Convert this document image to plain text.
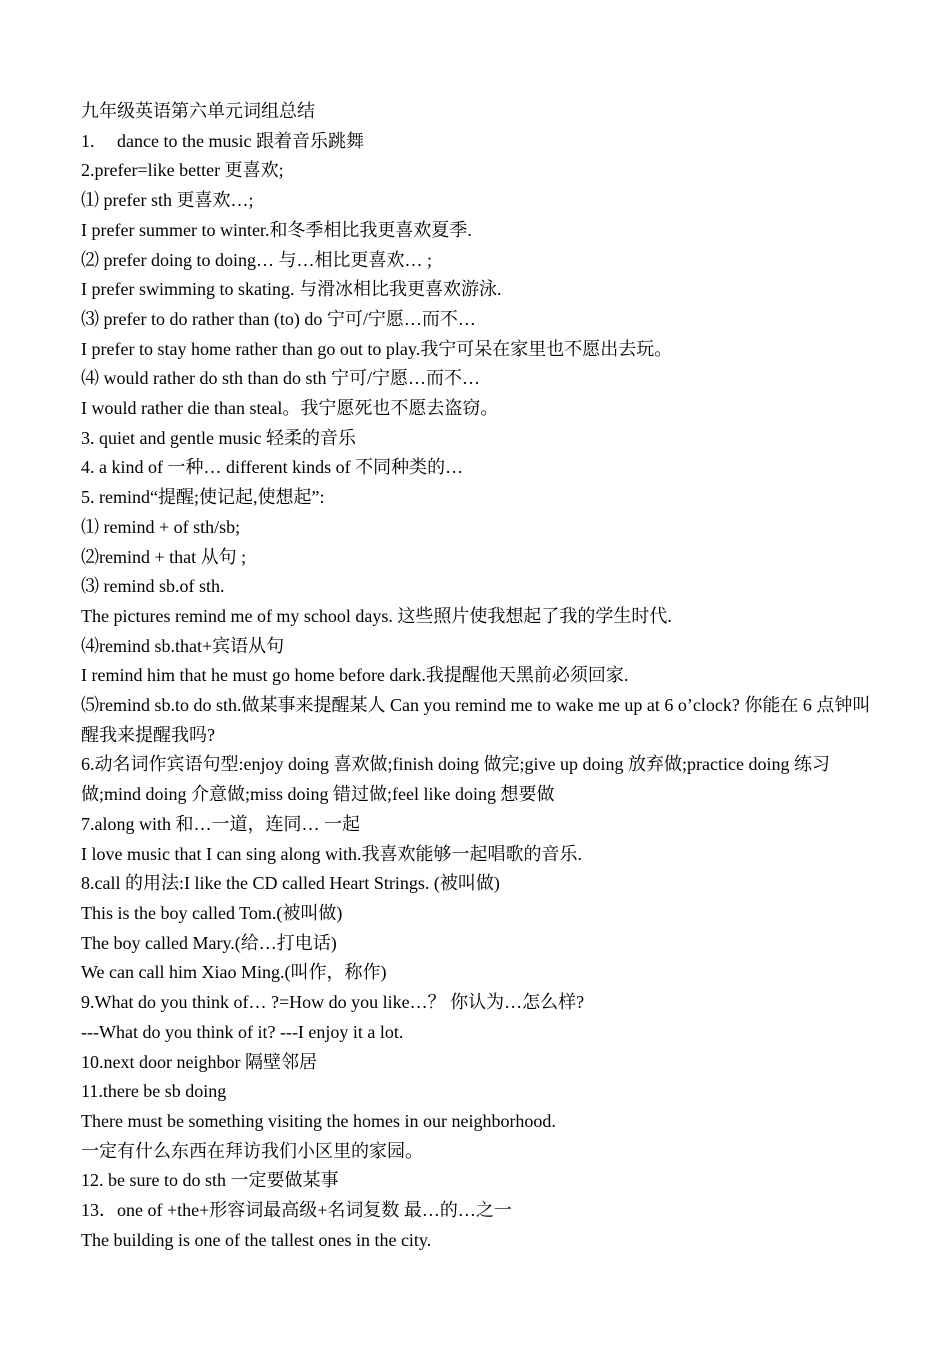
九年级英语第六单元词组总结
1.     dance to the music 跟着音乐跳舞
2.prefer=like better 更喜欢;
⑴ prefer sth 更喜欢…;
I prefer summer to winter.和冬季相比我更喜欢夏季.
⑵ prefer doing to doing… 与…相比更喜欢… ;
I prefer swimming to skating. 与滑冰相比我更喜欢游泳.
⑶ prefer to do rather than (to) do 宁可/宁愿…而不…
I prefer to stay home rather than go out to play.我宁可呆在家里也不愿出去玩。
⑷ would rather do sth than do sth 宁可/宁愿…而不…
I would rather die than steal。我宁愿死也不愿去盗窃。
3. quiet and gentle music 轻柔的音乐
4. a kind of 一种… different kinds of 不同种类的…
5. remind“提醒;使记起,使想起”:
⑴ remind + of sth/sb;
⑵remind + that 从句 ;
⑶ remind sb.of sth.
The pictures remind me of my school days. 这些照片使我想起了我的学生时代.
⑷remind sb.that+宾语从句
I remind him that he must go home before dark.我提醒他天黑前必须回家.
⑸remind sb.to do sth.做某事来提醒某人 Can you remind me to wake me up at 6 o’clock? 你能在 6 点钟叫醒我来提醒我吗?
6.动名词作宾语句型:enjoy doing 喜欢做;finish doing 做完;give up doing 放弃做;practice doing 练习做;mind doing 介意做;miss doing 错过做;feel like doing 想要做
7.along with 和…一道，连同… 一起
I love music that I can sing along with.我喜欢能够一起唱歌的音乐.
8.call 的用法:I like the CD called Heart Strings. (被叫做)
This is the boy called Tom.(被叫做)
The boy called Mary.(给…打电话)
We can call him Xiao Ming.(叫作，称作)
9.What do you think of… ?=How do you like…？ 你认为…怎么样?
---What do you think of it? ---I enjoy it a lot.
10.next door neighbor 隔壁邻居
11.there be sb doing
There must be something visiting the homes in our neighborhood.
一定有什么东西在拜访我们小区里的家园。
12. be sure to do sth 一定要做某事
13．one of +the+形容词最高级+名词复数 最…的…之一
The building is one of the tallest ones in the city.
